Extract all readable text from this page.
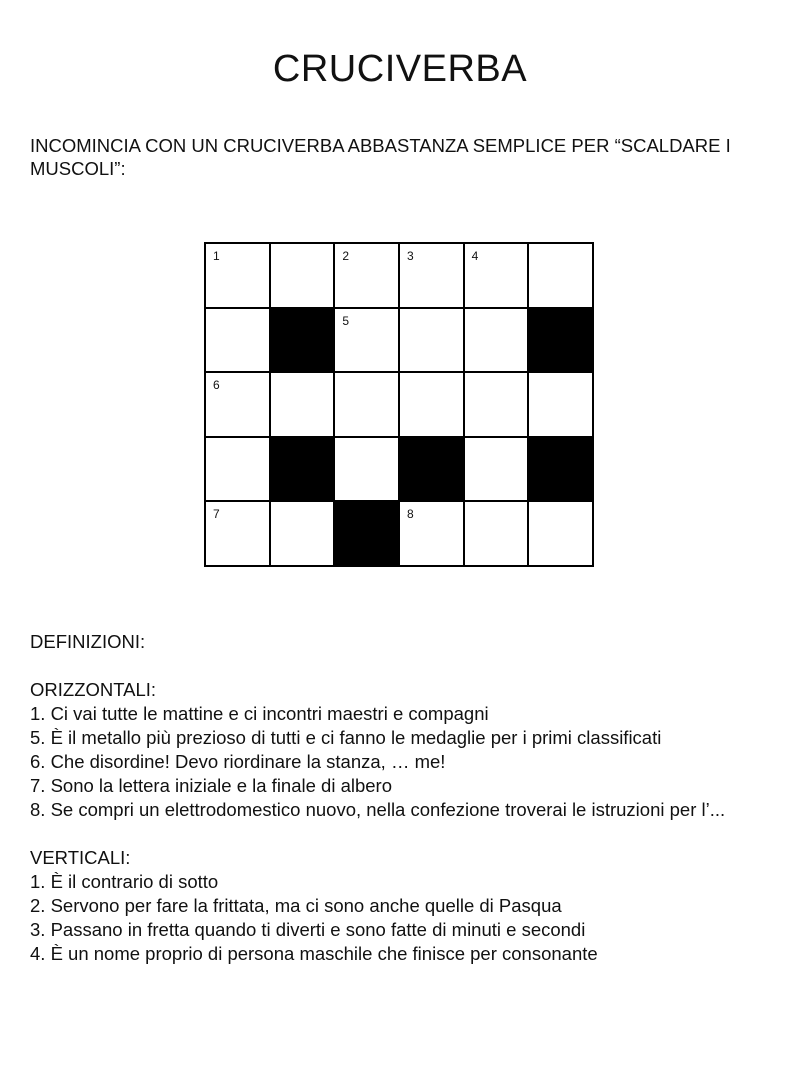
CRUCIVERBA

INCOMINCIA CON UN CRUCIVERBA ABBASTANZA SEMPLICE PER “SCALDARE I MUSCOLI”:

1	2	3	4
5
6
7	8

DEFINIZIONI:

ORIZZONTALI:

1. Ci vai tutte le mattine e ci incontri maestri e compagni

5. È il metallo più prezioso di tutti e ci fanno le medaglie per i primi classificati

6. Che disordine! Devo riordinare la stanza, … me!

7. Sono la lettera iniziale e la finale di albero

8. Se compri un elettrodomestico nuovo, nella confezione troverai le istruzioni per l’...

VERTICALI:

1. È il contrario di sotto

2. Servono per fare la frittata, ma ci sono anche quelle di Pasqua

3. Passano in fretta quando ti diverti e sono fatte di minuti e secondi

4. È un nome proprio di persona maschile che finisce per consonante
